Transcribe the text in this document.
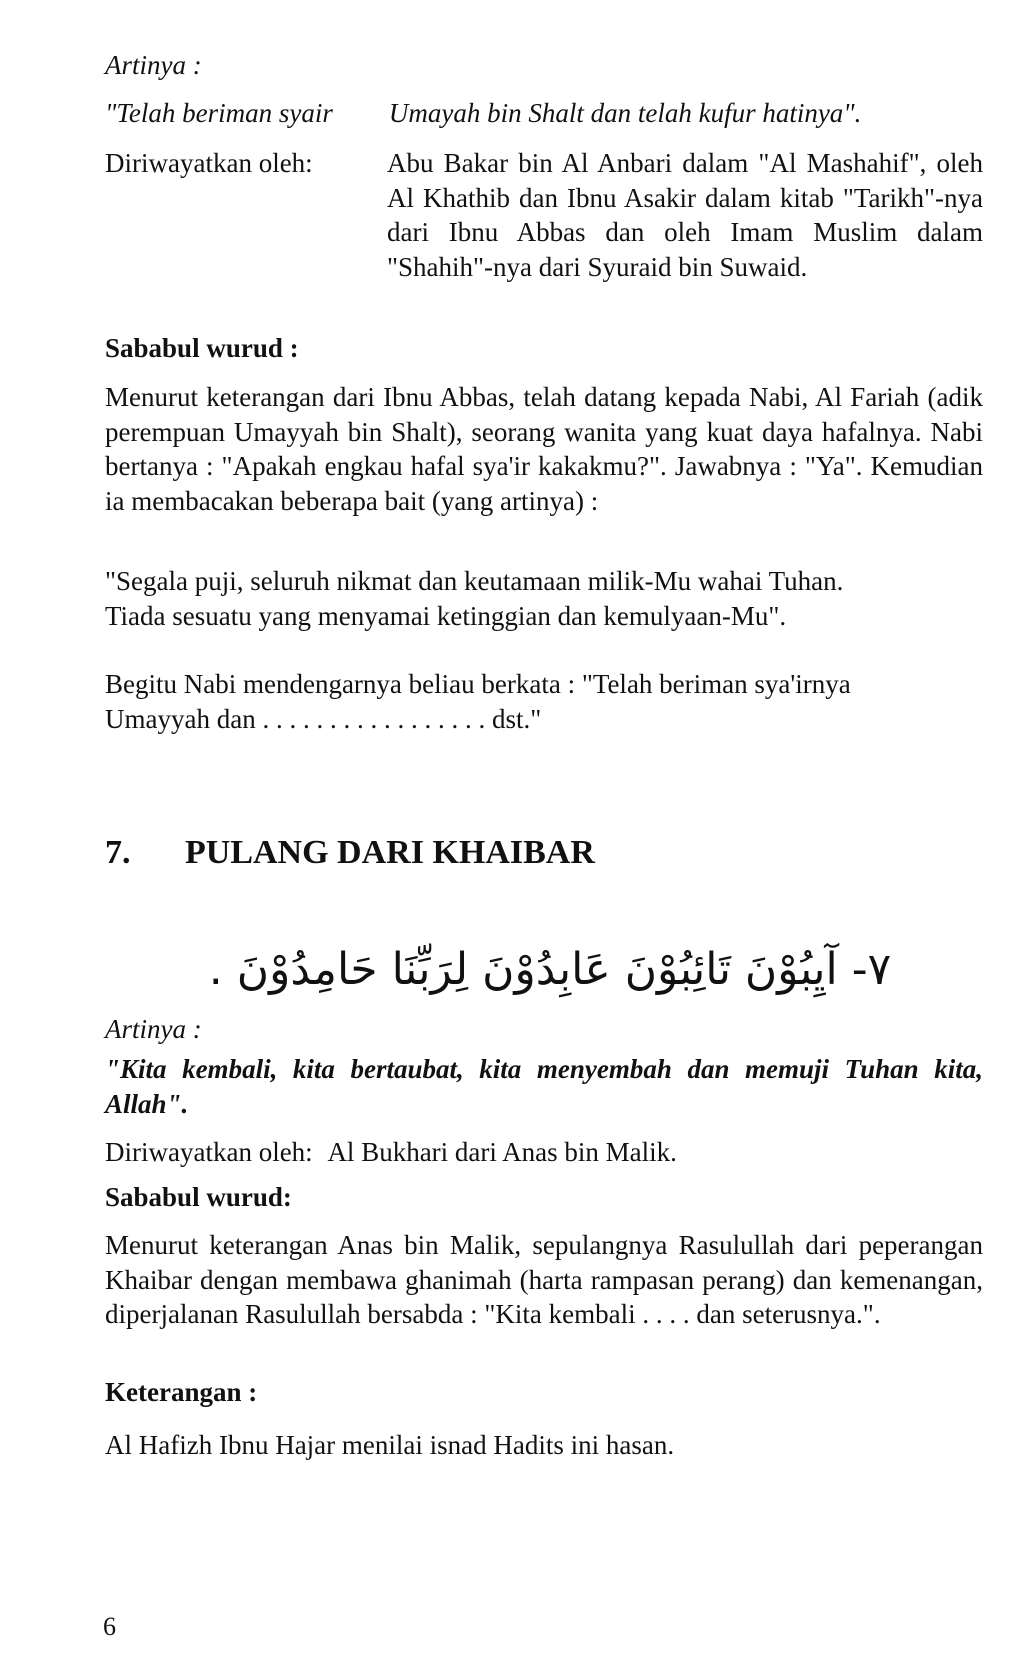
Artinya :
"Telah beriman syair Umayah bin Shalt dan telah kufur hatinya".
Diriwayatkan oleh:	Abu Bakar bin Al Anbari dalam "Al Mashahif", oleh Al Khathib dan Ibnu Asakir dalam kitab "Tarikh"-nya dari Ibnu Abbas dan oleh Imam Muslim dalam "Shahih"-nya dari Syuraid bin Suwaid.
Sababul wurud :
Menurut keterangan dari Ibnu Abbas, telah datang kepada Nabi, Al Fariah (adik perempuan Umayyah bin Shalt), seorang wanita yang kuat daya hafalnya. Nabi bertanya : "Apakah engkau hafal sya'ir kakakmu?". Jawabnya : "Ya". Kemudian ia membacakan beberapa bait (yang artinya) :
"Segala puji, seluruh nikmat dan keutamaan milik-Mu wahai Tuhan.
Tiada sesuatu yang menyamai ketinggian dan kemulyaan-Mu".
Begitu Nabi mendengarnya beliau berkata : "Telah beriman sya'irnya
Umayyah dan . . . . . . . . . . . . . . . . . dst."
7. PULANG DARI KHAIBAR
٧- آيِبُوْنَ تَائِبُوْنَ عَابِدُوْنَ لِرَبِّنَا حَامِدُوْنَ .
Artinya :
"Kita kembali, kita bertaubat, kita menyembah dan memuji Tuhan kita, Allah".
Diriwayatkan oleh: Al Bukhari dari Anas bin Malik.
Sababul wurud:
Menurut keterangan Anas bin Malik, sepulangnya Rasulullah dari peperangan Khaibar dengan membawa ghanimah (harta rampasan perang) dan kemenangan, diperjalanan Rasulullah bersabda : "Kita kembali . . . . dan seterusnya.".
Keterangan :
Al Hafizh Ibnu Hajar menilai isnad Hadits ini hasan.
6
